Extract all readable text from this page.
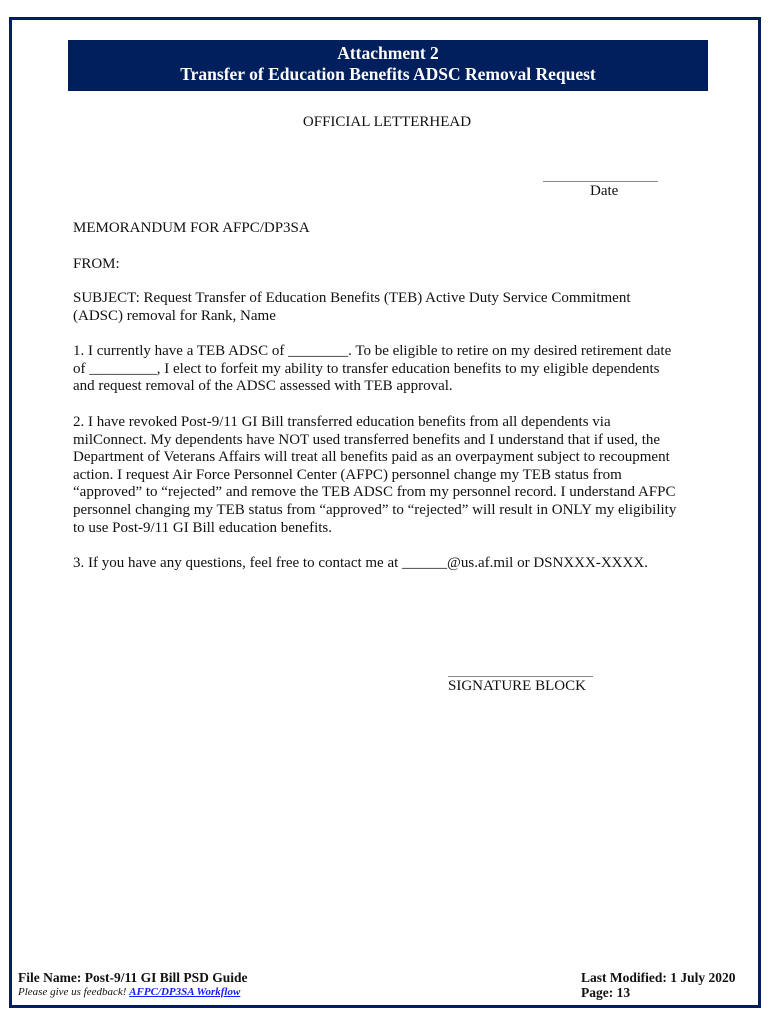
Attachment 2
Transfer of Education Benefits ADSC Removal Request
OFFICIAL LETTERHEAD
Date
MEMORANDUM FOR AFPC/DP3SA
FROM:
SUBJECT: Request Transfer of Education Benefits (TEB) Active Duty Service Commitment
(ADSC) removal for Rank, Name
1. I currently have a TEB ADSC of ________. To be eligible to retire on my desired retirement date
of _________, I elect to forfeit my ability to transfer education benefits to my eligible dependents
and request removal of the ADSC assessed with TEB approval.
2. I have revoked Post-9/11 GI Bill transferred education benefits from all dependents via
milConnect. My dependents have NOT used transferred benefits and I understand that if used, the
Department of Veterans Affairs will treat all benefits paid as an overpayment subject to recoupment
action. I request Air Force Personnel Center (AFPC) personnel change my TEB status from
“approved” to “rejected” and remove the TEB ADSC from my personnel record. I understand AFPC
personnel changing my TEB status from “approved” to “rejected” will result in ONLY my eligibility
to use Post-9/11 GI Bill education benefits.
3. If you have any questions, feel free to contact me at ______@us.af.mil or DSNXXX-XXXX.
SIGNATURE BLOCK
File Name: Post-9/11 GI Bill PSD Guide
Please give us feedback! AFPC/DP3SA Workflow
Last Modified: 1 July 2020
Page: 13
